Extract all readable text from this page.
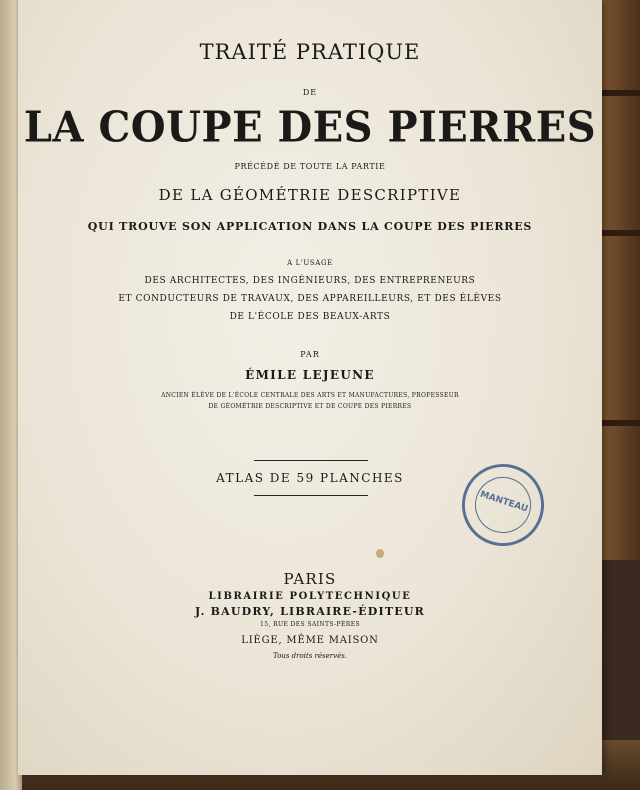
TRAITÉ PRATIQUE
DE
LA COUPE DES PIERRES
PRÉCÉDÉ DE TOUTE LA PARTIE
DE LA GÉOMÉTRIE DESCRIPTIVE
QUI TROUVE SON APPLICATION DANS LA COUPE DES PIERRES
A L'USAGE
DES ARCHITECTES, DES INGÉNIEURS, DES ENTREPRENEURS
ET CONDUCTEURS DE TRAVAUX, DES APPAREILLEURS, ET DES ÉLÈVES
DE L'ÉCOLE DES BEAUX-ARTS
PAR
ÉMILE LEJEUNE
ANCIEN ÉLÈVE DE L'ÉCOLE CENTRALE DES ARTS ET MANUFACTURES, PROFESSEUR
DE GÉOMÉTRIE DESCRIPTIVE ET DE COUPE DES PIERRES
ATLAS DE 59 PLANCHES
PARIS
LIBRAIRIE POLYTECHNIQUE
J. BAUDRY, LIBRAIRE-ÉDITEUR
15, RUE DES SAINTS-PÈRES
LIÈGE, MÊME MAISON
Tous droits réservés.
MANTEAU
